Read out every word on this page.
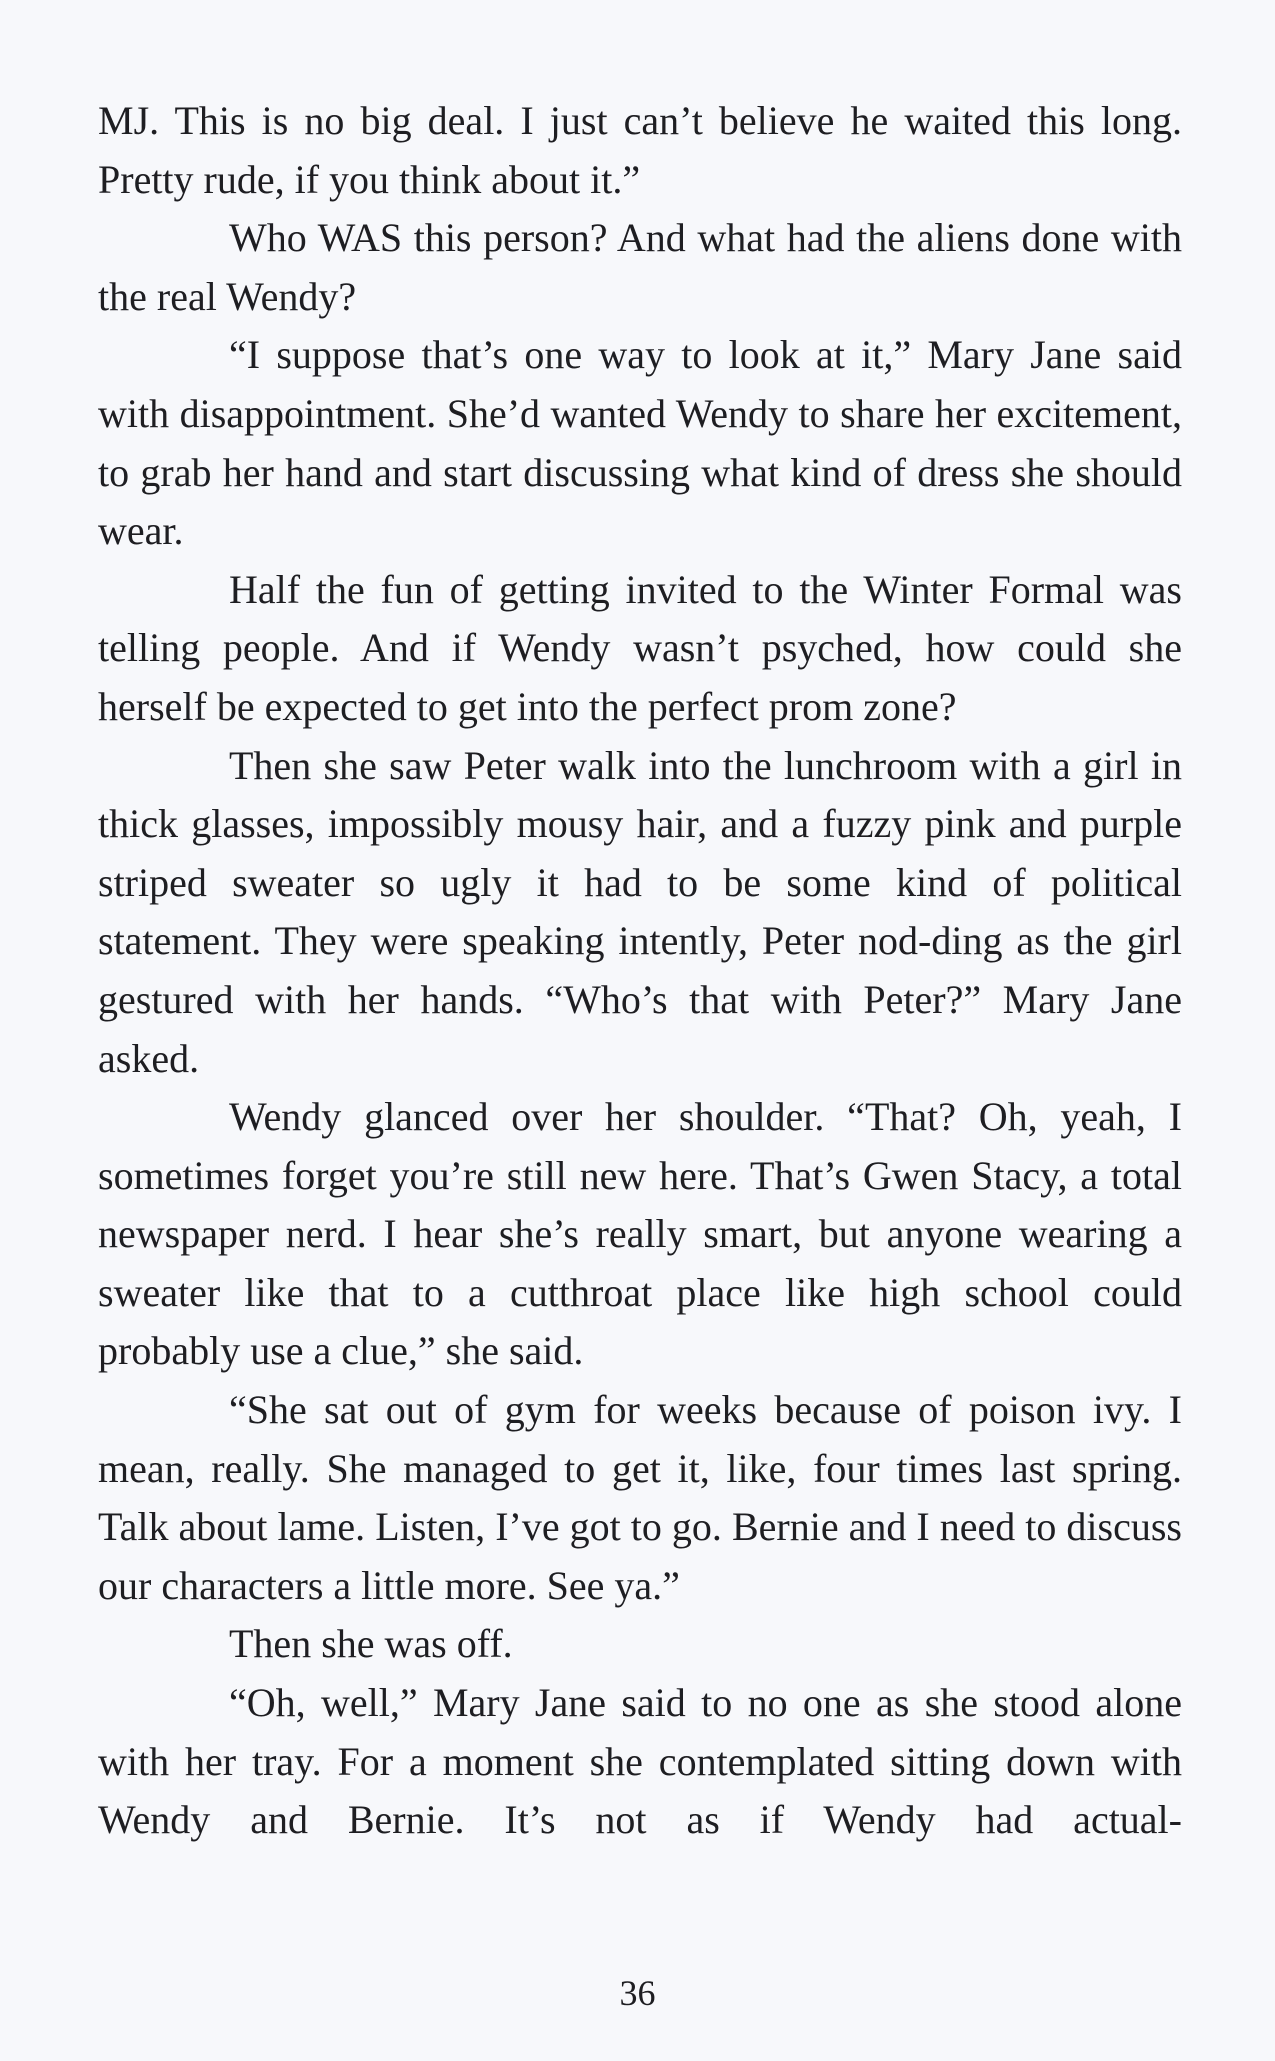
MJ. This is no big deal. I just can’t believe he waited this long. Pretty rude, if you think about it.”

Who WAS this person? And what had the aliens done with the real Wendy?

“I suppose that’s one way to look at it,” Mary Jane said with disappointment. She’d wanted Wendy to share her excitement, to grab her hand and start discussing what kind of dress she should wear.

Half the fun of getting invited to the Winter Formal was telling people. And if Wendy wasn’t psyched, how could she herself be expected to get into the perfect prom zone?

Then she saw Peter walk into the lunchroom with a girl in thick glasses, impossibly mousy hair, and a fuzzy pink and purple striped sweater so ugly it had to be some kind of political statement. They were speaking intently, Peter nod-ding as the girl gestured with her hands. “Who’s that with Peter?” Mary Jane asked.

Wendy glanced over her shoulder. “That? Oh, yeah, I sometimes forget you’re still new here. That’s Gwen Stacy, a total newspaper nerd. I hear she’s really smart, but anyone wearing a sweater like that to a cutthroat place like high school could probably use a clue,” she said.

“She sat out of gym for weeks because of poison ivy. I mean, really. She managed to get it, like, four times last spring. Talk about lame. Listen, I’ve got to go. Bernie and I need to discuss our characters a little more. See ya.”

Then she was off.

“Oh, well,” Mary Jane said to no one as she stood alone with her tray. For a moment she contemplated sitting down with Wendy and Bernie. It’s not as if Wendy had actual-

36
